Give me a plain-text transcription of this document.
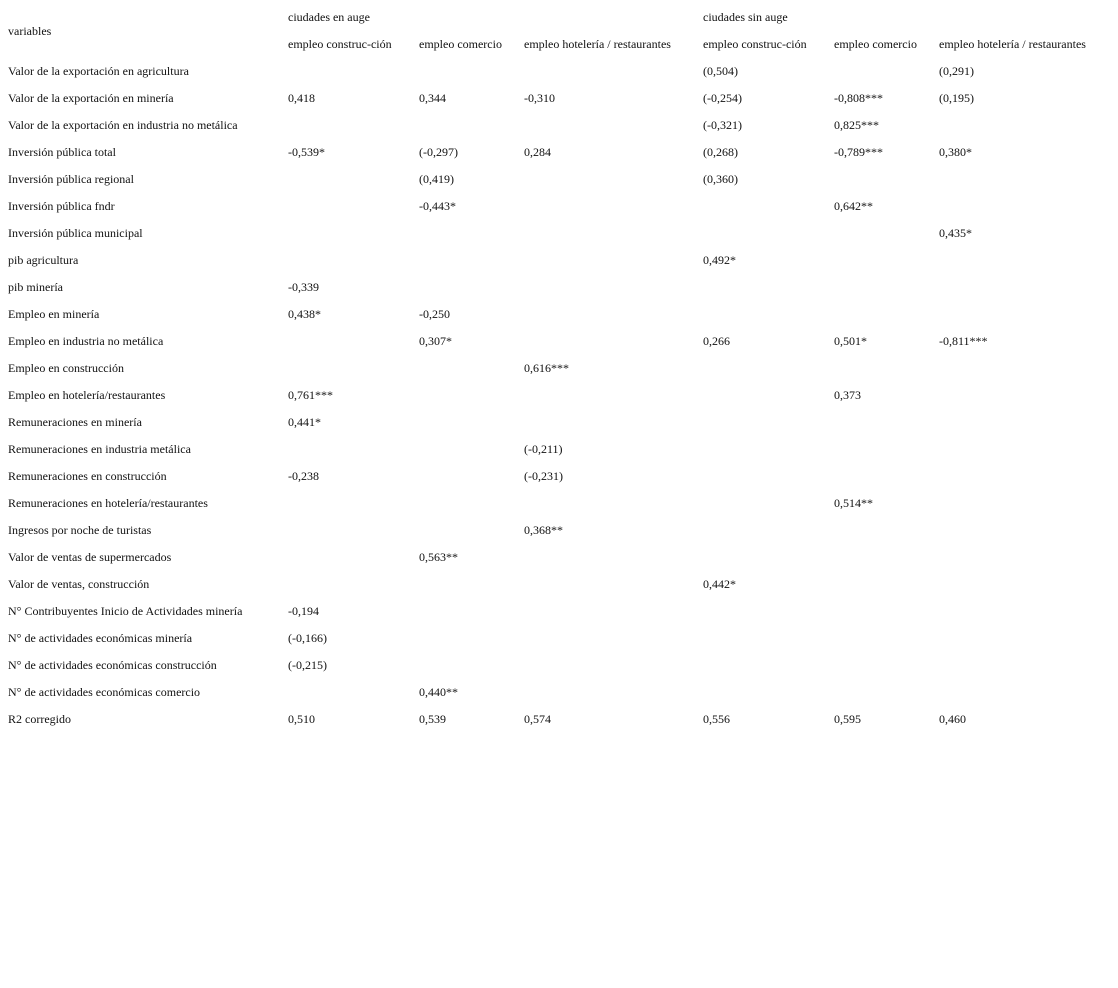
variables	ciudades en auge			ciudades sin auge		
	empleo construc-ción	empleo comercio	empleo hotelería / restaurantes	empleo construc-ción	empleo comercio	empleo hotelería / restaurantes
Valor de la exportación en agricultura				(0,504)		(0,291)
Valor de la exportación en minería	0,418	0,344	-0,310	(-0,254)	-0,808***	(0,195)
Valor de la exportación en industria no metálica				(-0,321)	0,825***	
Inversión pública total	-0,539*	(-0,297)	0,284	(0,268)	-0,789***	0,380*
Inversión pública regional		(0,419)		(0,360)		
Inversión pública fndr		-0,443*			0,642**	
Inversión pública municipal						0,435*
pib agricultura				0,492*		
pib minería	-0,339					
Empleo en minería	0,438*	-0,250				
Empleo en industria no metálica		0,307*		0,266	0,501*	-0,811***
Empleo en construcción			0,616***			
Empleo en hotelería/restaurantes	0,761***				0,373	
Remuneraciones en minería	0,441*					
Remuneraciones en industria metálica			(-0,211)			
Remuneraciones en construcción	-0,238		(-0,231)			
Remuneraciones en hotelería/restaurantes					0,514**	
Ingresos por noche de turistas			0,368**			
Valor de ventas de supermercados		0,563**				
Valor de ventas, construcción				0,442*		
N° Contribuyentes Inicio de Actividades minería	-0,194					
N° de actividades económicas minería	(-0,166)					
N° de actividades económicas construcción	(-0,215)					
N° de actividades económicas comercio		0,440**				
R2 corregido	0,510	0,539	0,574	0,556	0,595	0,460
